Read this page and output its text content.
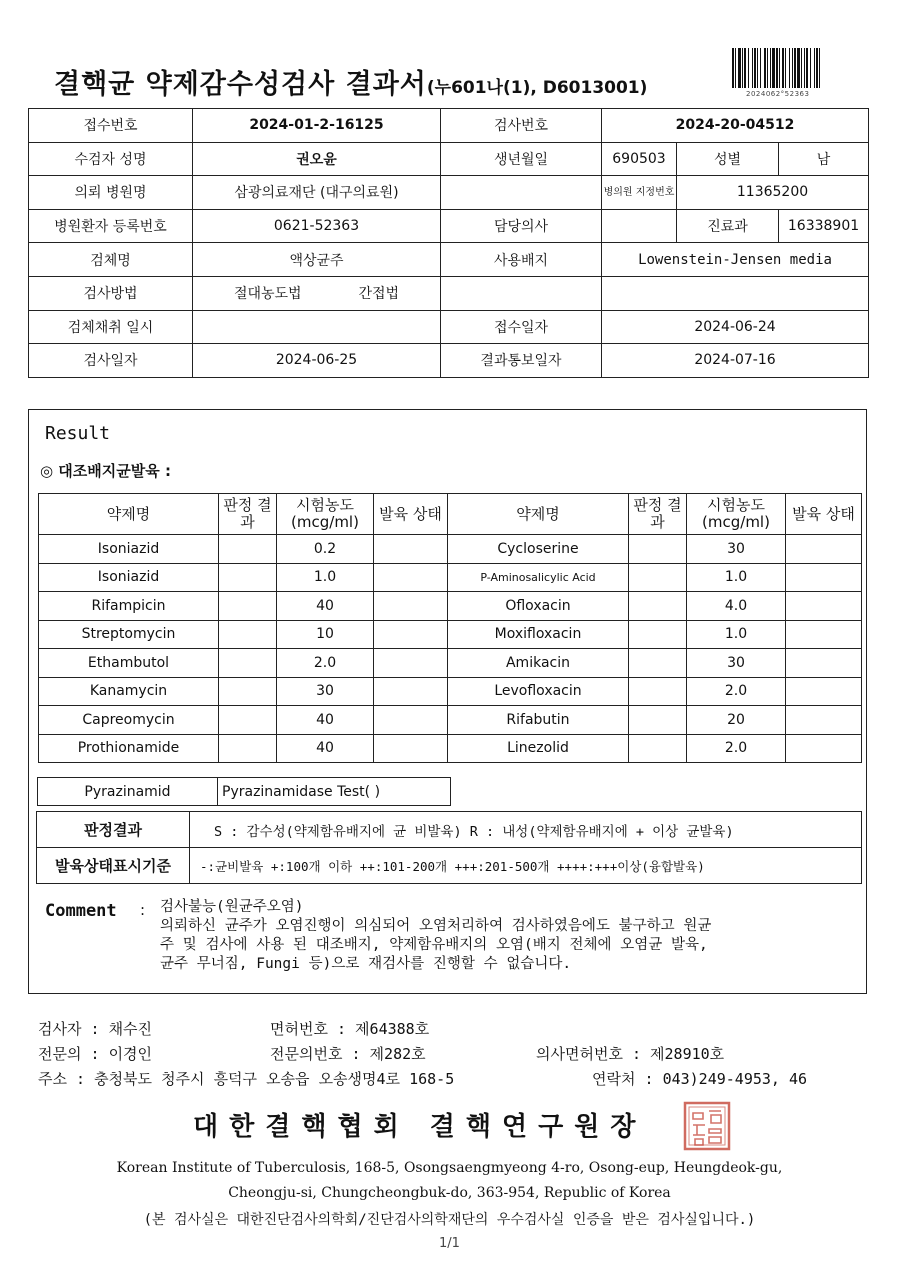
결핵균 약제감수성검사 결과서(누601나(1), D6013001)	2024062°52363
접수번호	2024-01-2-16125	검사번호	2024-20-04512		
수검자 성명	권오윤	생년월일	690503	성별	남
의뢰 병원명	삼광의료재단 (대구의료원)		병의원 지정번호	11365200	
병원환자 등록번호	0621-52363	담당의사		진료과	16338901
검체명	액상균주	사용배지	Lowenstein-Jensen media		
검사방법	절대농도법 간접법				
검체채취 일시		접수일자	2024-06-24		
검사일자	2024-06-25	결과통보일자	2024-07-16		
Result
◎ 대조배지균발육 :
약제명	판정 결과	시험농도 (mcg/ml)	발육 상태	약제명	판정 결과	시험농도 (mcg/ml)	발육 상태
Isoniazid		0.2		Cycloserine		30	
Isoniazid		1.0		P-Aminosalicylic Acid		1.0	
Rifampicin		40		Ofloxacin		4.0	
Streptomycin		10		Moxifloxacin		1.0	
Ethambutol		2.0		Amikacin		30	
Kanamycin		30		Levofloxacin		2.0	
Capreomycin		40		Rifabutin		20	
Prothionamide		40		Linezolid		2.0	
Pyrazinamid	Pyrazinamidase Test( )
판정결과	S : 감수성(약제함유배지에 균 비발육) R : 내성(약제함유배지에 + 이상 균발육)
발육상태표시기준	-:균비발육 +:100개 이하 ++:101-200개 +++:201-500개 ++++:+++이상(융합발육)
Comment : 검사불능(원균주오염)
의뢰하신 균주가 오염진행이 의심되어 오염처리하여 검사하였음에도 불구하고 원균
주 및 검사에 사용 된 대조배지, 약제함유배지의 오염(배지 전체에 오염균 발육,
균주 무너짐, Fungi 등)으로 재검사를 진행할 수 없습니다.
검사자 : 채수진	면허번호 : 제64388호
전문의 : 이경인	전문의번호 : 제282호	의사면허번호 : 제28910호
주소 : 충청북도 청주시 흥덕구 오송읍 오송생명4로 168-5	연락처 : 043)249-4953, 46
대한결핵협회 결핵연구원장
Korean Institute of Tuberculosis, 168-5, Osongsaengmyeong 4-ro, Osong-eup, Heungdeok-gu,
Cheongju-si, Chungcheongbuk-do, 363-954, Republic of Korea
(본 검사실은 대한진단검사의학회/진단검사의학재단의 우수검사실 인증을 받은 검사실입니다.)
1/1
